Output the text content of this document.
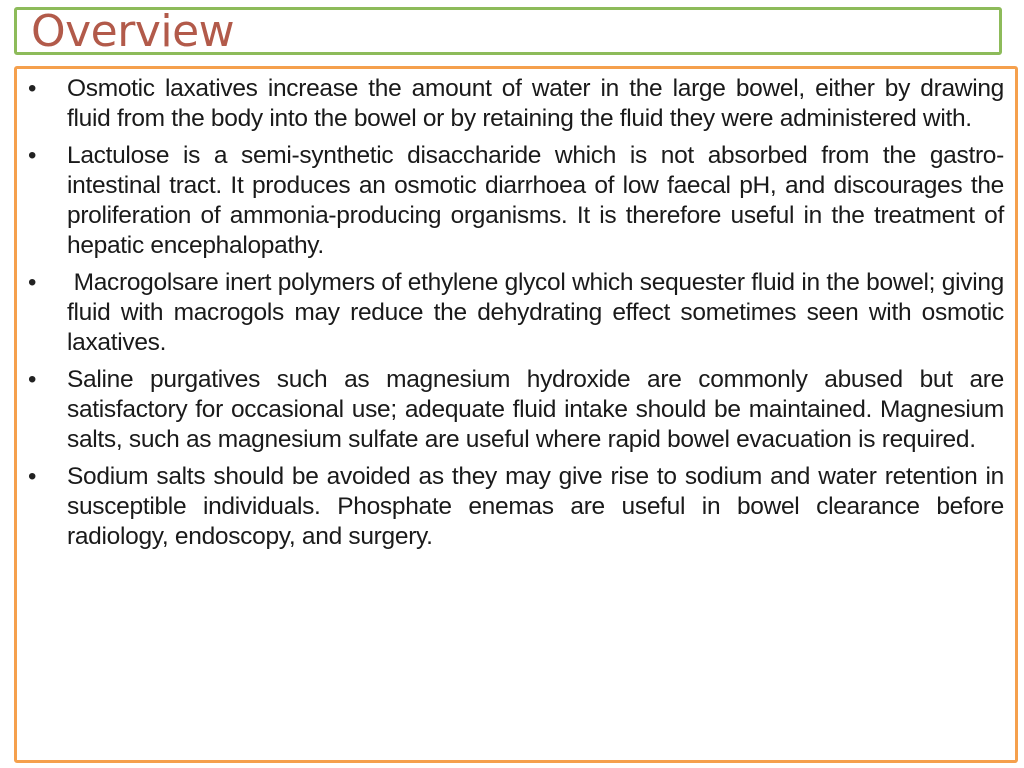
Overview
• Osmotic laxatives increase the amount of water in the large bowel, either by drawing fluid from the body into the bowel or by retaining the fluid they were administered with.
• Lactulose is a semi-synthetic disaccharide which is not absorbed from the gastro-intestinal tract. It produces an osmotic diarrhoea of low faecal pH, and discourages the proliferation of ammonia-producing organisms. It is therefore useful in the treatment of hepatic encephalopathy.
• Macrogolsare inert polymers of ethylene glycol which sequester fluid in the bowel; giving fluid with macrogols may reduce the dehydrating effect sometimes seen with osmotic laxatives.
• Saline purgatives such as magnesium hydroxide are commonly abused but are satisfactory for occasional use; adequate fluid intake should be maintained. Magnesium salts, such as magnesium sulfate are useful where rapid bowel evacuation is required.
• Sodium salts should be avoided as they may give rise to sodium and water retention in susceptible individuals. Phosphate enemas are useful in bowel clearance before radiology, endoscopy, and surgery.
